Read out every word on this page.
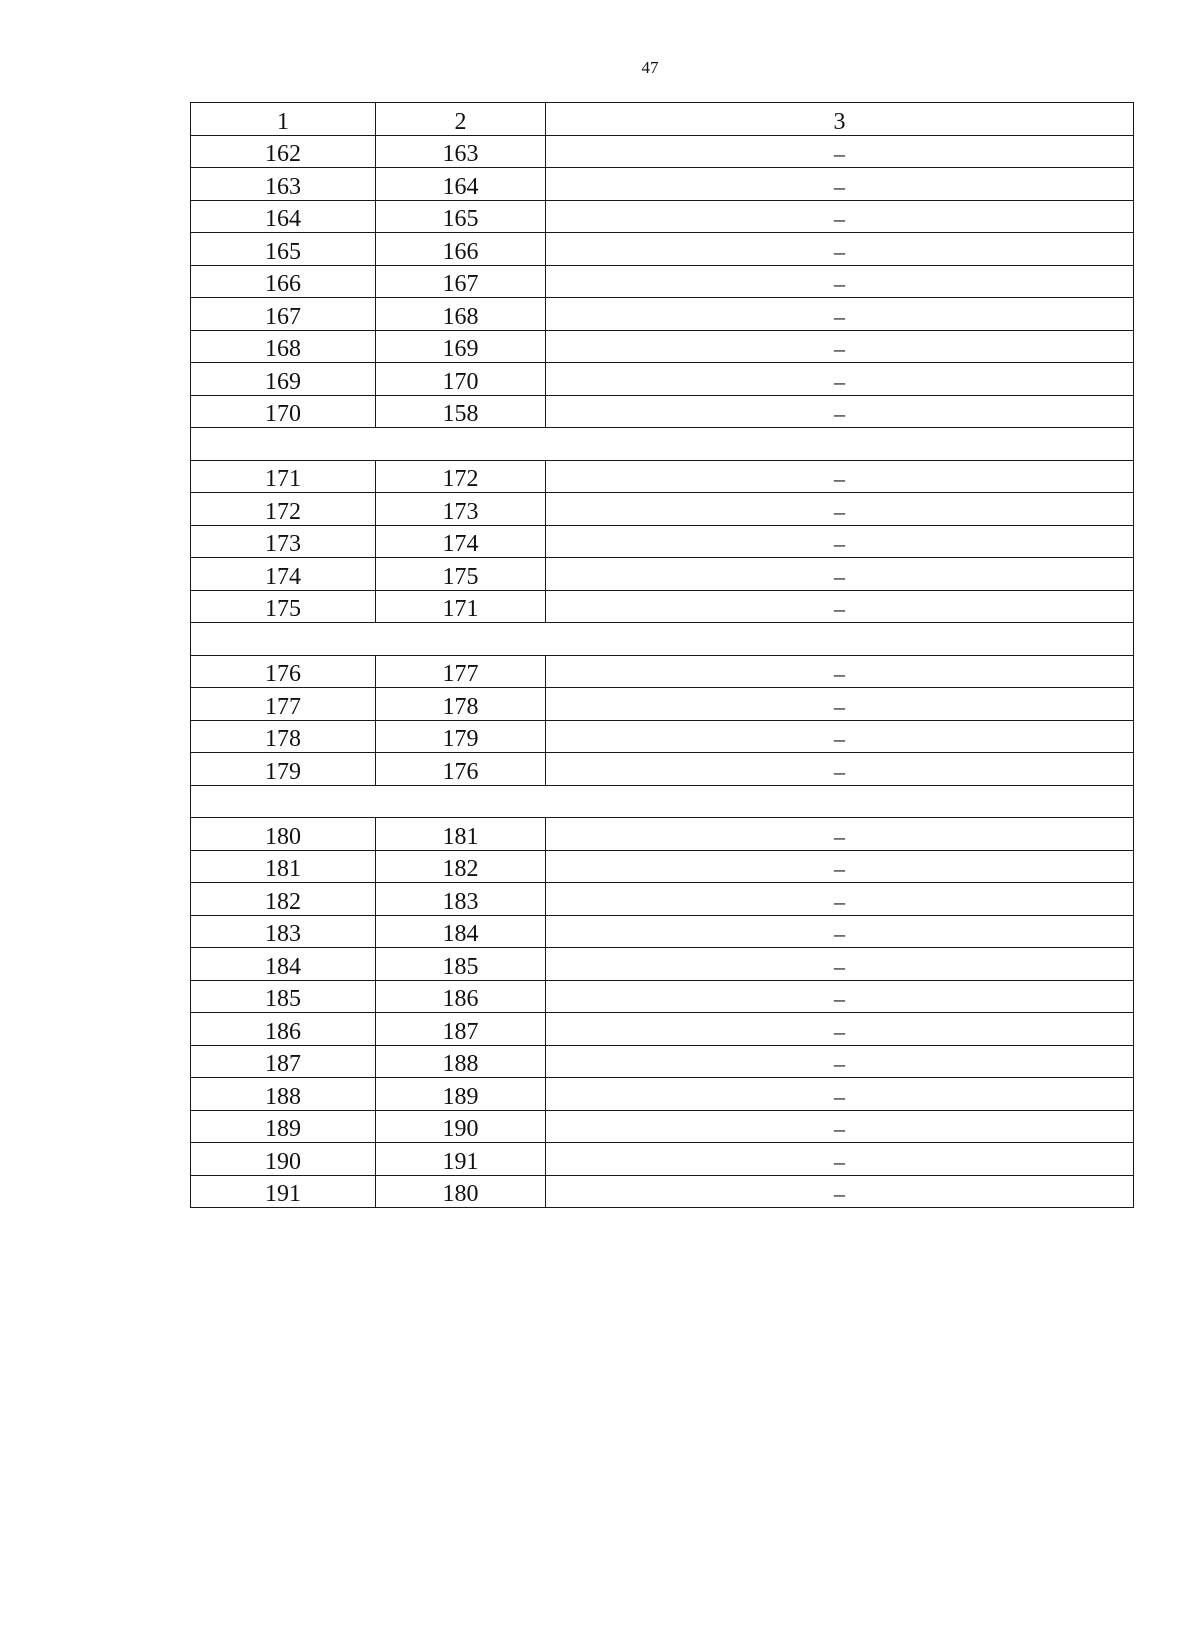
47
1	2	3
162	163	–
163	164	–
164	165	–
165	166	–
166	167	–
167	168	–
168	169	–
169	170	–
170	158	–

171	172	–
172	173	–
173	174	–
174	175	–
175	171	–

176	177	–
177	178	–
178	179	–
179	176	–

180	181	–
181	182	–
182	183	–
183	184	–
184	185	–
185	186	–
186	187	–
187	188	–
188	189	–
189	190	–
190	191	–
191	180	–
